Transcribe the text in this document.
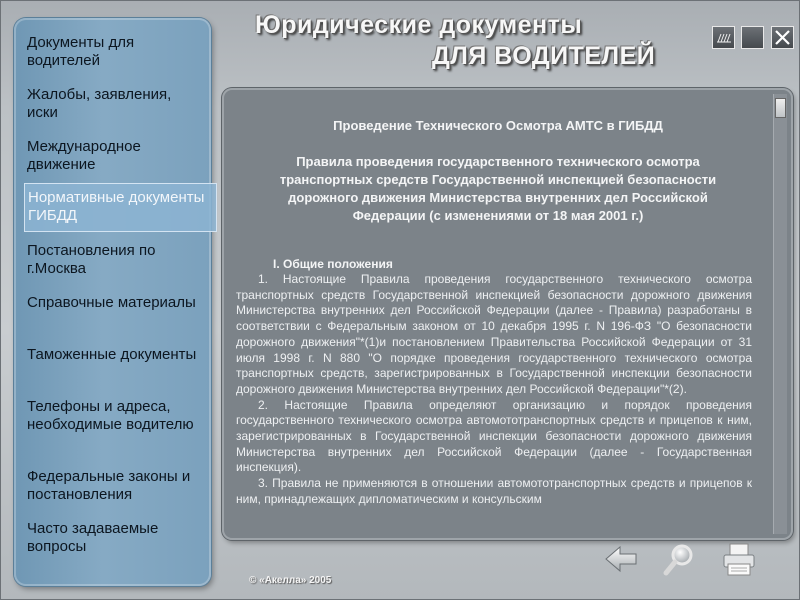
Юридические документы
ДЛЯ ВОДИТЕЛЕЙ
Документы для водителей
Жалобы, заявления, иски
Международное движение
Нормативные документы ГИБДД
Постановления по г.Москва
Справочные материалы
Таможенные документы
Телефоны и адреса, необходимые водителю
Федеральные законы и постановления
Часто задаваемые вопросы
Проведение Технического Осмотра АМТС в ГИБДД
Правила проведения государственного технического осмотра транспортных средств Государственной инспекцией безопасности дорожного движения Министерства внутренних дел Российской Федерации (с изменениями от 18 мая 2001 г.)
I. Общие положения

1. Настоящие Правила проведения государственного технического осмотра транспортных средств Государственной инспекцией безопасности дорожного движения Министерства внутренних дел Российской Федерации (далее - Правила) разработаны в соответствии с Федеральным законом от 10 декабря 1995 г. N 196-ФЗ "О безопасности дорожного движения"*(1)и постановлением Правительства Российской Федерации от 31 июля 1998 г. N 880 "О порядке проведения государственного технического осмотра транспортных средств, зарегистрированных в Государственной инспекции безопасности дорожного движения Министерства внутренних дел Российской Федерации"*(2).

2. Настоящие Правила определяют организацию и порядок проведения государственного технического осмотра автомототранспортных средств и прицепов к ним, зарегистрированных в Государственной инспекции безопасности дорожного движения Министерства внутренних дел Российской Федерации (далее - Государственная инспекция).

3. Правила не применяются в отношении автомототранспортных средств и прицепов к ним, принадлежащих дипломатическим и консульским

© «Акелла» 2005
